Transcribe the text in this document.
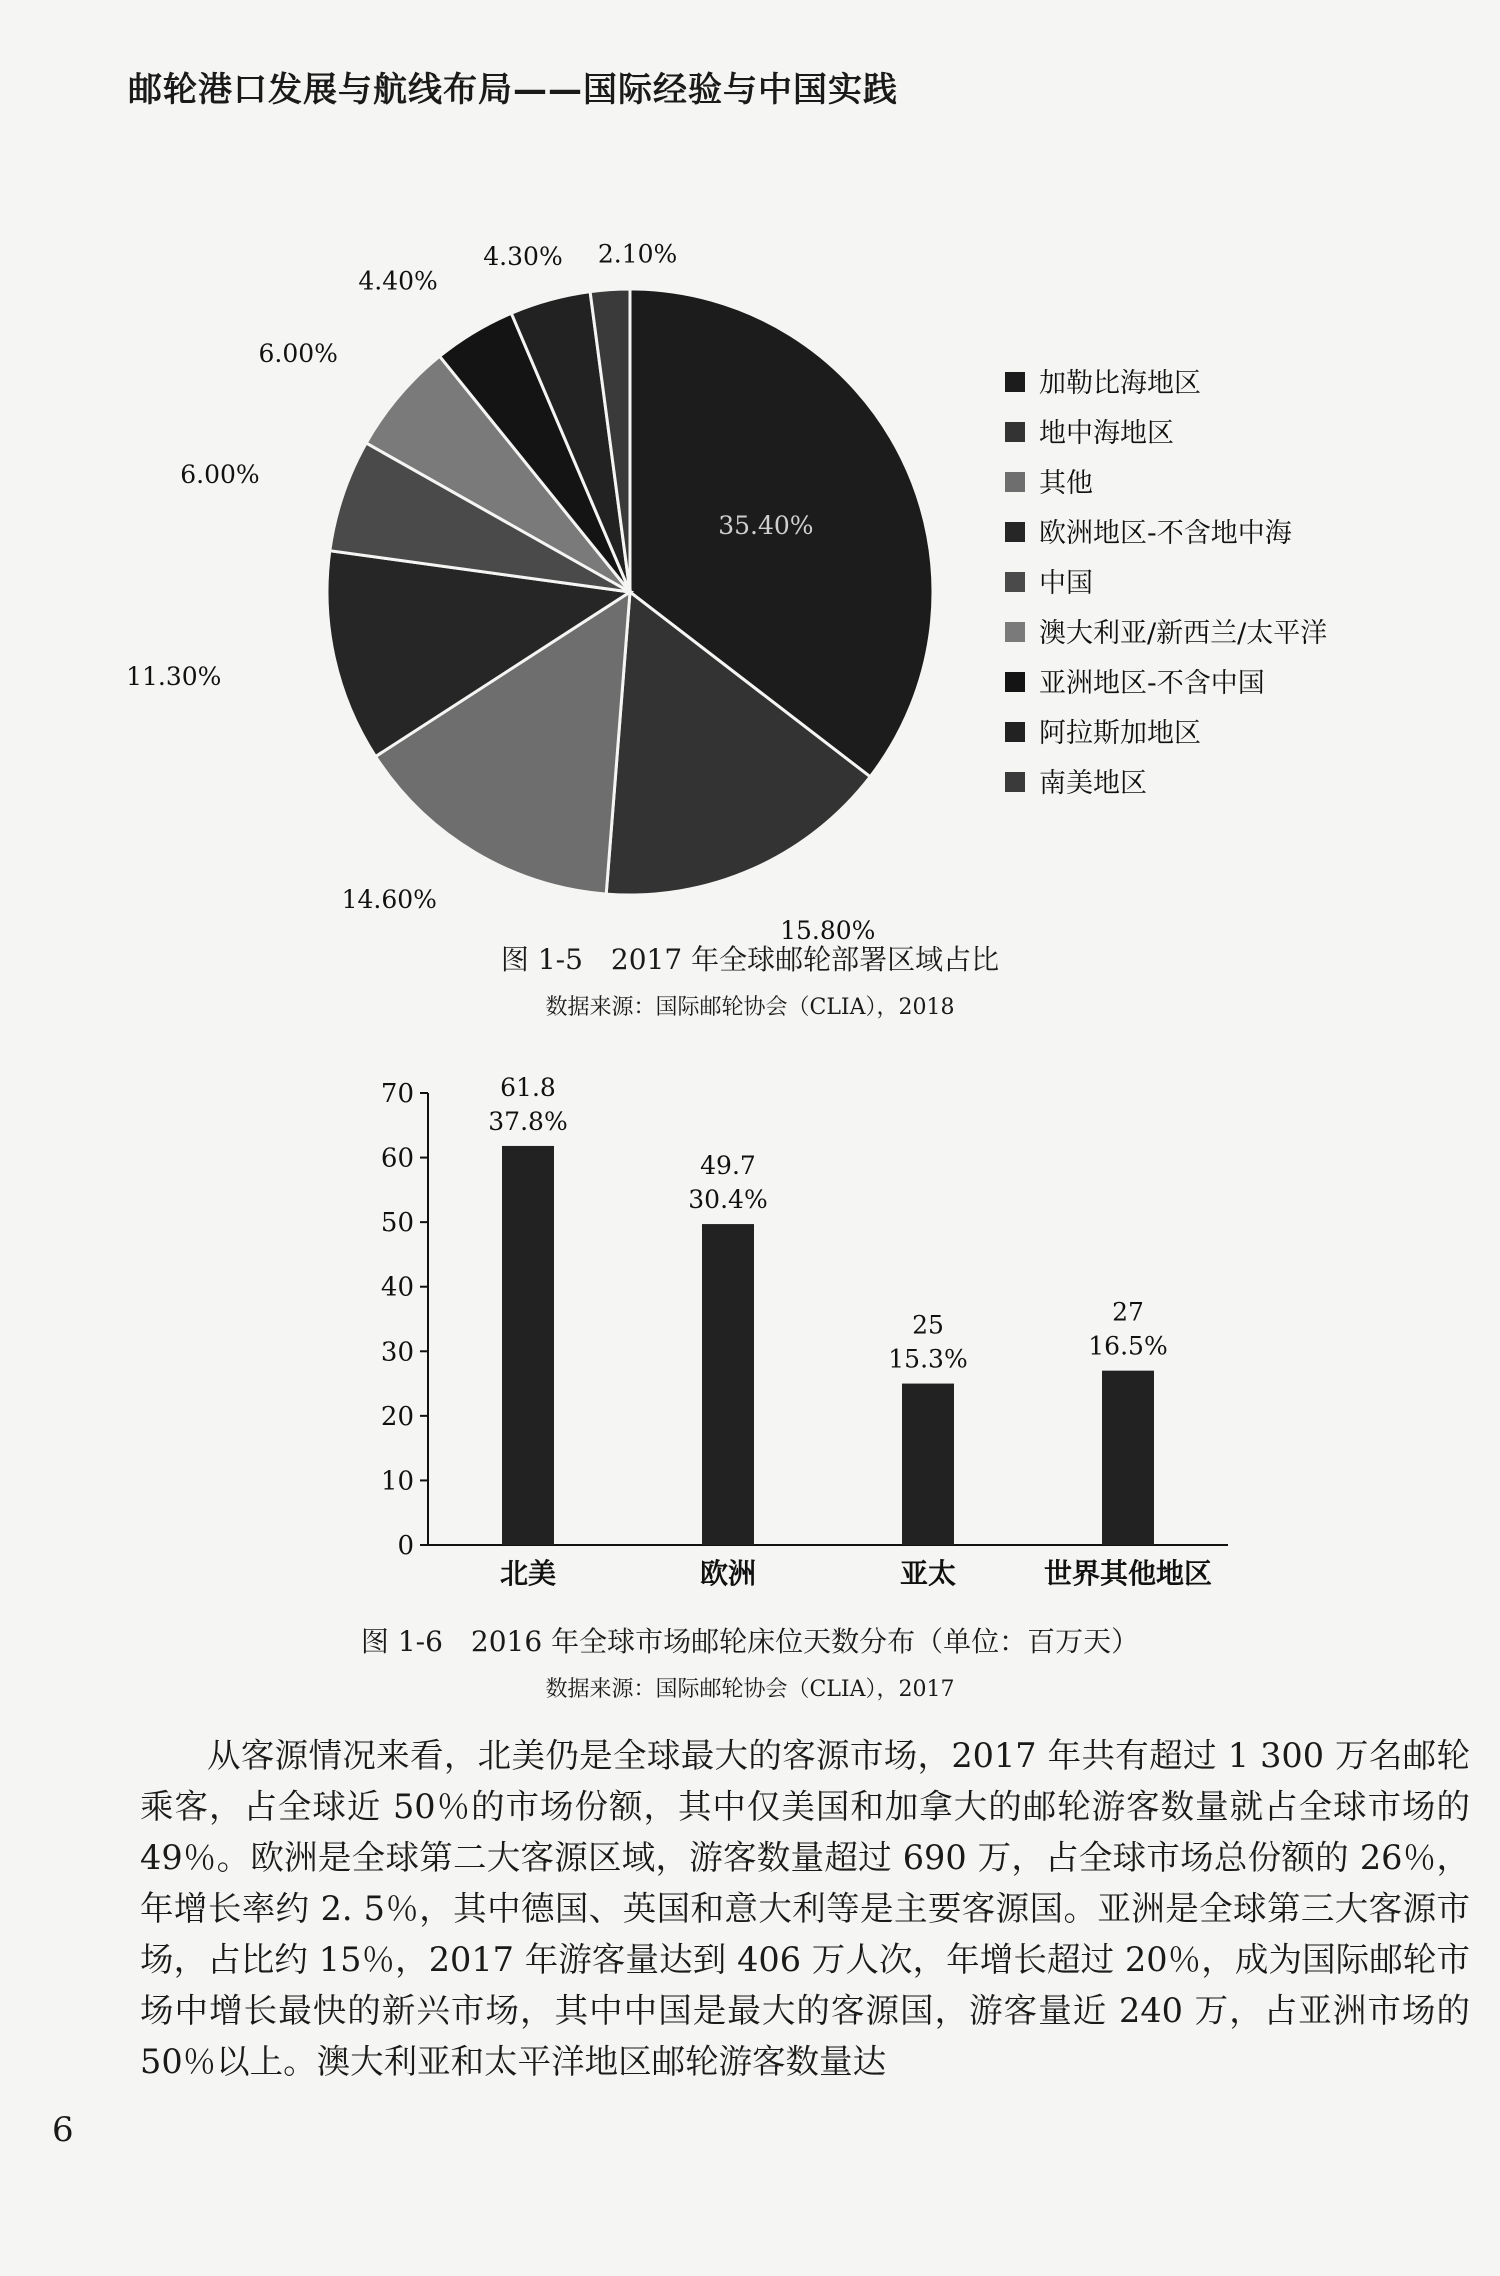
邮轮港口发展与航线布局——国际经验与中国实践
35.40%
15.80%
14.60%
11.30%
6.00%
6.00%
4.40%
4.30% 2.10%
加勒比海地区
地中海地区
其他
欧洲地区-不含地中海
中国
澳大利亚/新西兰/太平洋
亚洲地区-不含中国
阿拉斯加地区
南美地区
0
10
20
30
40
50
60
70	61.8
37.8%
北美
49.7
30.4%
欧洲
25
15.3%
亚太
27
16.5%
世界其他地区
图 1-5　2017 年全球邮轮部署区域占比
数据来源：国际邮轮协会（CLIA），2018
图 1-6　2016 年全球市场邮轮床位天数分布（单位：百万天）
数据来源：国际邮轮协会（CLIA），2017

从客源情况来看，北美仍是全球最大的客源市场，2017 年共有超过 1 300 万名邮轮乘客，占全球近 50％的市场份额，其中仅美国和加拿大的邮轮游客数量就占全球市场的 49％。欧洲是全球第二大客源区域，游客数量超过 690 万，占全球市场总份额的 26％，年增长率约 2. 5％，其中德国、英国和意大利等是主要客源国。亚洲是全球第三大客源市场，占比约 15％，2017 年游客量达到 406 万人次，年增长超过 20％，成为国际邮轮市场中增长最快的新兴市场，其中中国是最大的客源国，游客量近 240 万，占亚洲市场的 50％以上。澳大利亚和太平洋地区邮轮游客数量达

6
